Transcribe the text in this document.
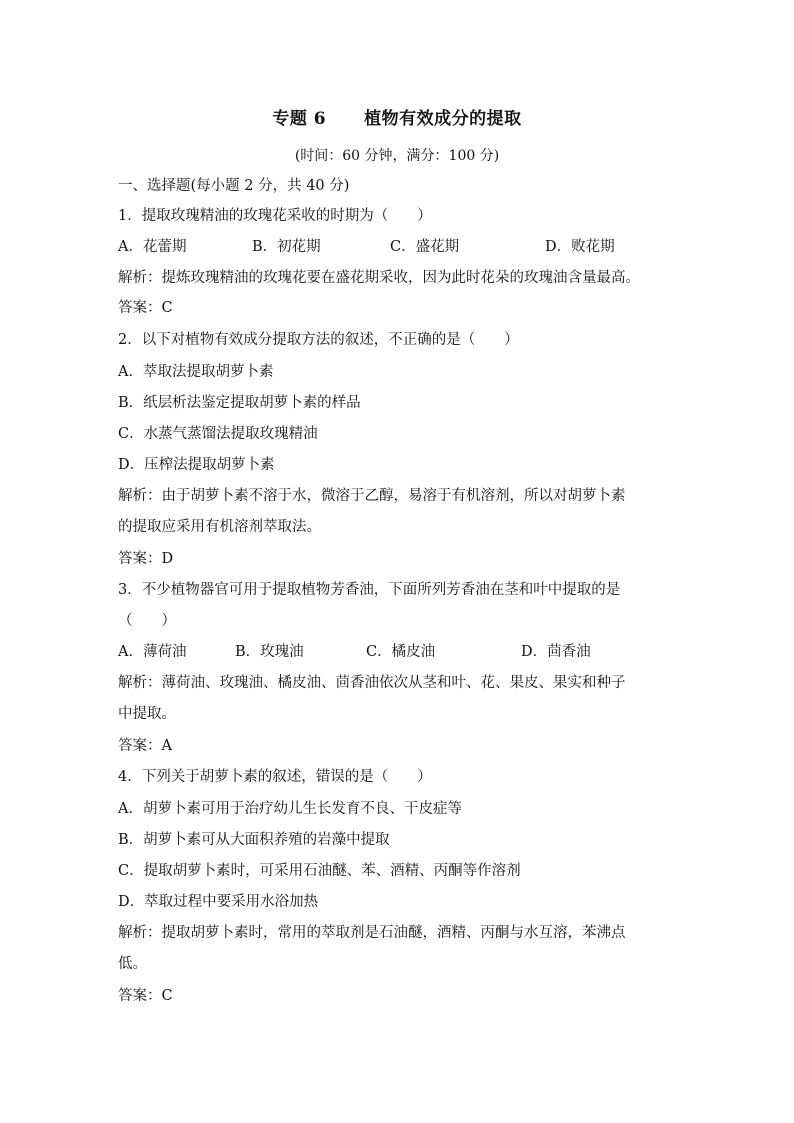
专题 6 植物有效成分的提取
(时间：60 分钟，满分：100 分)
一、选择题(每小题 2 分，共 40 分)
1．提取玫瑰精油的玫瑰花采收的时期为（　　）
A．花蕾期	B．初花期	C．盛花期	D．败花期
解析：提炼玫瑰精油的玫瑰花要在盛花期采收，因为此时花朵的玫瑰油含量最高。
答案：C
2．以下对植物有效成分提取方法的叙述，不正确的是（　　）
A．萃取法提取胡萝卜素
B．纸层析法鉴定提取胡萝卜素的样品
C．水蒸气蒸馏法提取玫瑰精油
D．压榨法提取胡萝卜素
解析：由于胡萝卜素不溶于水，微溶于乙醇，易溶于有机溶剂，所以对胡萝卜素
的提取应采用有机溶剂萃取法。
答案：D
3．不少植物器官可用于提取植物芳香油，下面所列芳香油在茎和叶中提取的是
（　　）
A．薄荷油	B．玫瑰油	C．橘皮油	D．茴香油
解析：薄荷油、玫瑰油、橘皮油、茴香油依次从茎和叶、花、果皮、果实和种子
中提取。
答案：A
4．下列关于胡萝卜素的叙述，错误的是（　　）
A．胡萝卜素可用于治疗幼儿生长发育不良、干皮症等
B．胡萝卜素可从大面积养殖的岩藻中提取
C．提取胡萝卜素时，可采用石油醚、苯、酒精、丙酮等作溶剂
D．萃取过程中要采用水浴加热
解析：提取胡萝卜素时，常用的萃取剂是石油醚，酒精、丙酮与水互溶，苯沸点
低。
答案：C
